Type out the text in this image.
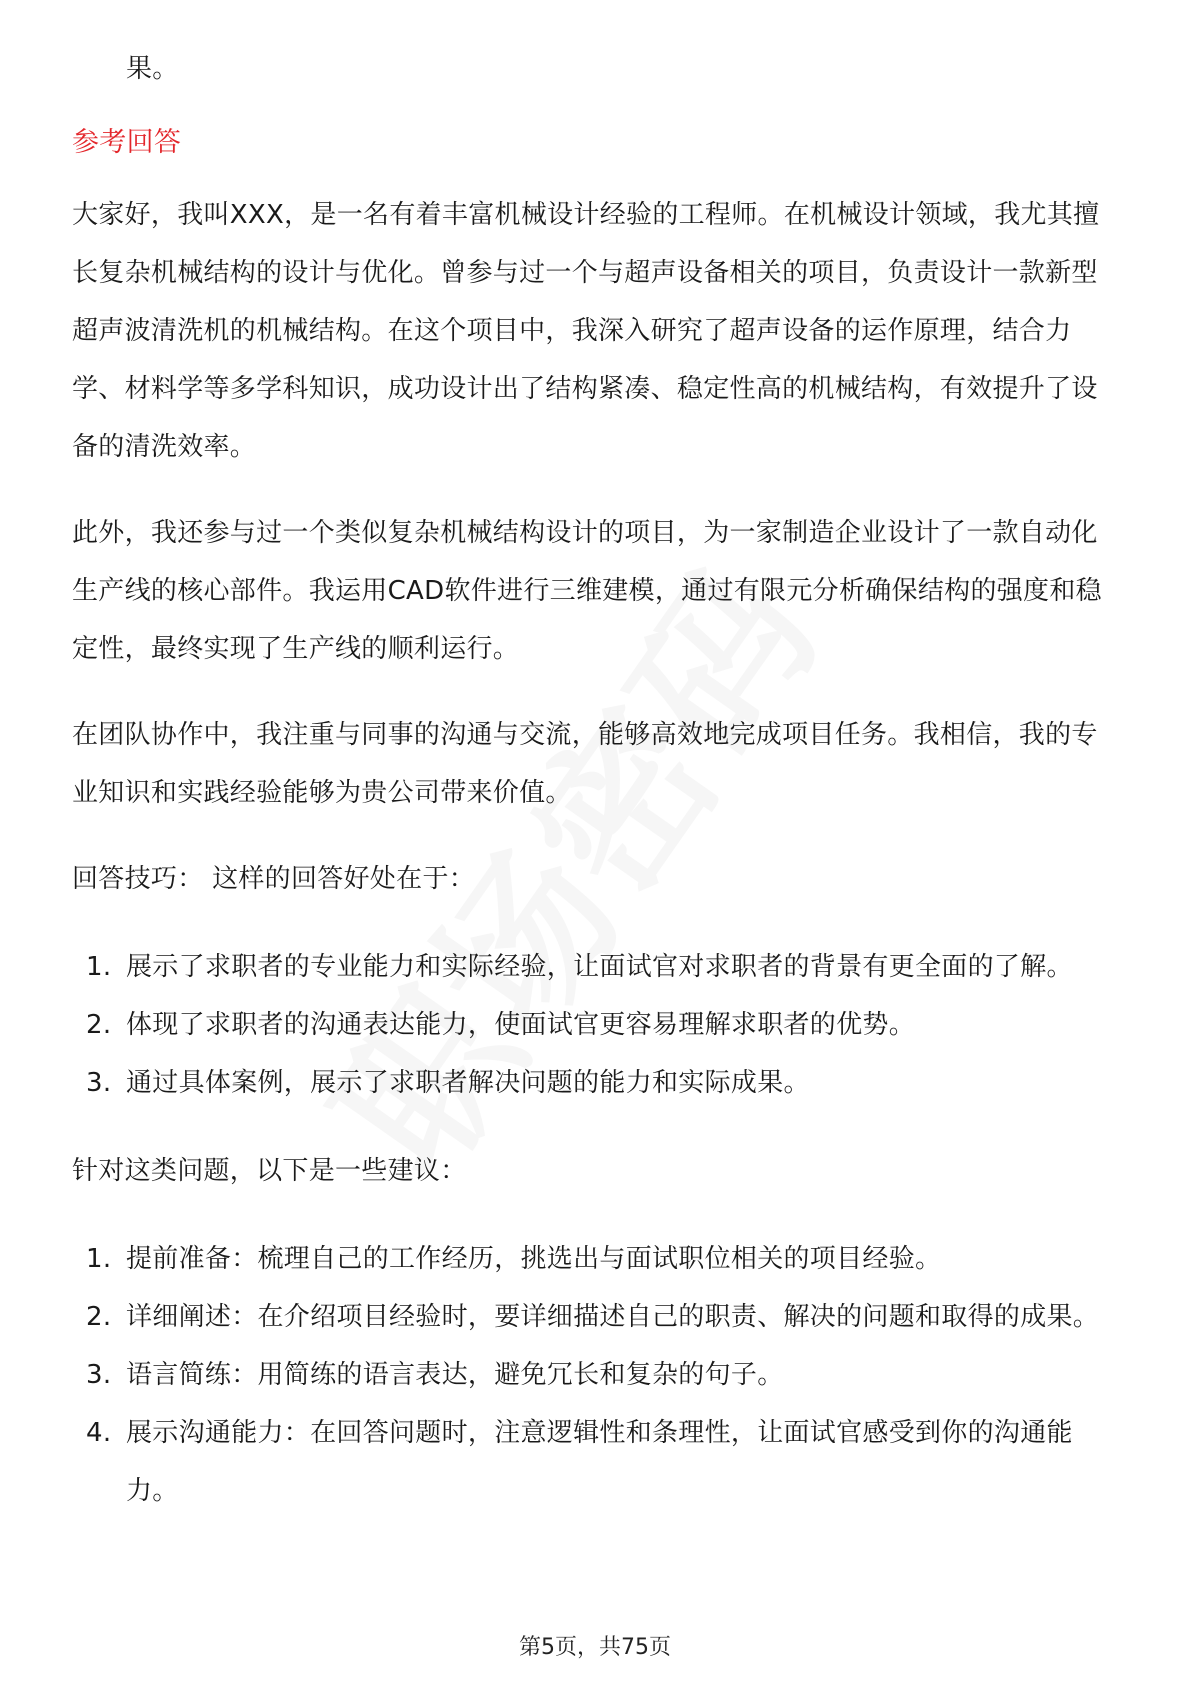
果。

参考回答

大家好，我叫XXX，是一名有着丰富机械设计经验的工程师。在机械设计领域，我尤其擅长复杂机械结构的设计与优化。曾参与过一个与超声设备相关的项目，负责设计一款新型超声波清洗机的机械结构。在这个项目中，我深入研究了超声设备的运作原理，结合力学、材料学等多学科知识，成功设计出了结构紧凑、稳定性高的机械结构，有效提升了设备的清洗效率。

此外，我还参与过一个类似复杂机械结构设计的项目，为一家制造企业设计了一款自动化生产线的核心部件。我运用CAD软件进行三维建模，通过有限元分析确保结构的强度和稳定性，最终实现了生产线的顺利运行。

在团队协作中，我注重与同事的沟通与交流，能够高效地完成项目任务。我相信，我的专业知识和实践经验能够为贵公司带来价值。

回答技巧： 这样的回答好处在于：

1. 展示了求职者的专业能力和实际经验，让面试官对求职者的背景有更全面的了解。
2. 体现了求职者的沟通表达能力，使面试官更容易理解求职者的优势。
3. 通过具体案例，展示了求职者解决问题的能力和实际成果。

针对这类问题，以下是一些建议：

1. 提前准备：梳理自己的工作经历，挑选出与面试职位相关的项目经验。
2. 详细阐述：在介绍项目经验时，要详细描述自己的职责、解决的问题和取得的成果。
3. 语言简练：用简练的语言表达，避免冗长和复杂的句子。
4. 展示沟通能力：在回答问题时，注意逻辑性和条理性，让面试官感受到你的沟通能力。
第5页，共75页
